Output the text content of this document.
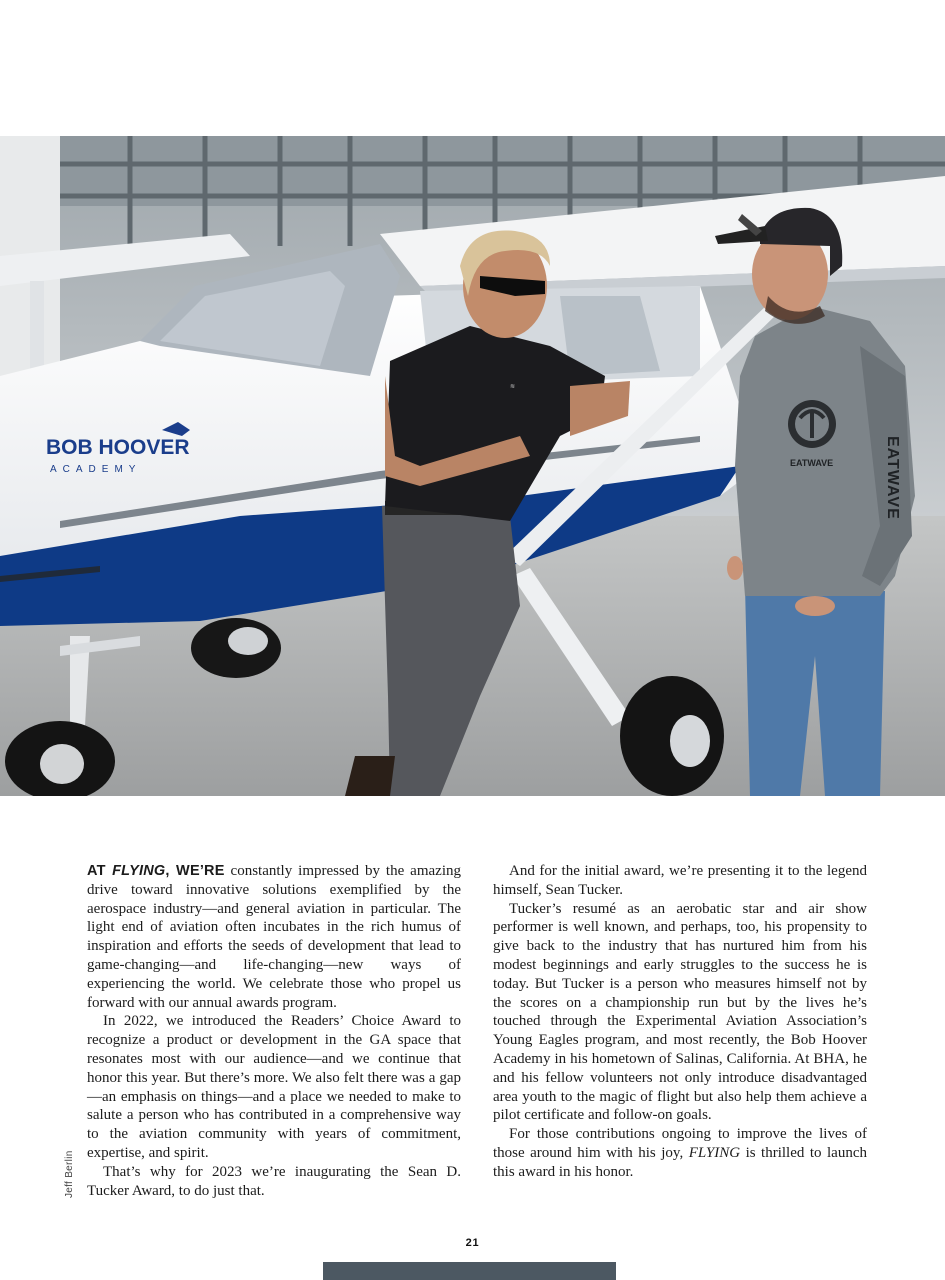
BOB HOOVER
ACADEMY
≋
EATWAVE	EATWAVE

AT FLYING, WE’RE constantly impressed by the amazing drive toward innovative solutions exemplified by the aerospace industry—and general aviation in particular. The light end of aviation often incubates in the rich humus of inspiration and efforts the seeds of development that lead to game-changing—and life-changing—new ways of experiencing the world. We celebrate those who propel us forward with our annual awards program.

In 2022, we introduced the Readers’ Choice Award to recognize a product or development in the GA space that resonates most with our audience—and we continue that honor this year. But there’s more. We also felt there was a gap—an emphasis on things—and a place we needed to make to salute a person who has contributed in a comprehensive way to the aviation community with years of commitment, expertise, and spirit.

That’s why for 2023 we’re inaugurating the Sean D. Tucker Award, to do just that.

And for the initial award, we’re presenting it to the legend himself, Sean Tucker.

Tucker’s resumé as an aerobatic star and air show performer is well known, and perhaps, too, his propensity to give back to the industry that has nurtured him from his modest beginnings and early struggles to the success he is today. But Tucker is a person who measures himself not by the scores on a championship run but by the lives he’s touched through the Experimental Aviation Association’s Young Eagles program, and most recently, the Bob Hoover Academy in his hometown of Salinas, California. At BHA, he and his fellow volunteers not only introduce disadvantaged area youth to the magic of flight but also help them achieve a pilot certificate and follow-on goals.

For those contributions ongoing to improve the lives of those around him with his joy, FLYING is thrilled to launch this award in his honor.

Jeff Berlin
21
